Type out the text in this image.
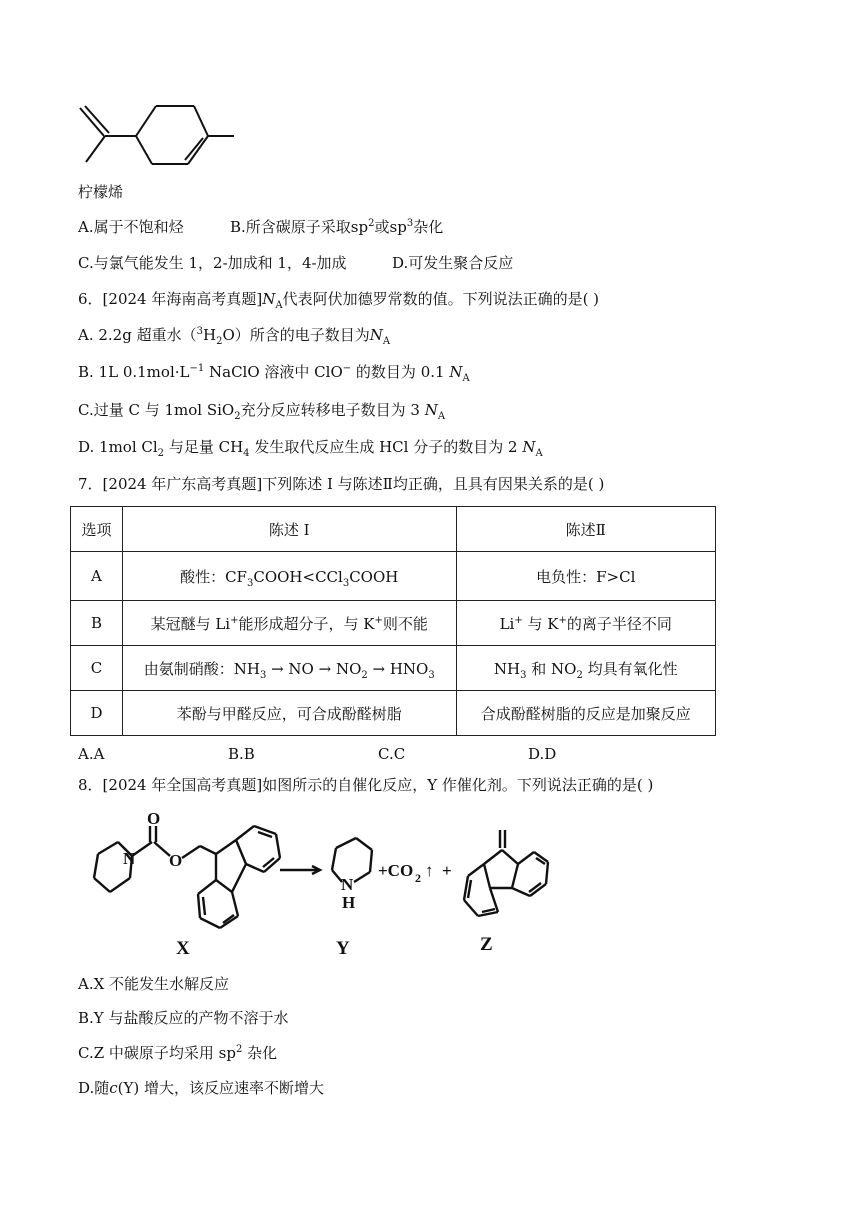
柠檬烯
A.属于不饱和烃	B.所含碳原子采取$sp^2$或$sp^3$杂化
C.与氯气能发生 1，2-加成和 1，4-加成	D.可发生聚合反应
6．[2024 年海南高考真题]$N_A$代表阿伏加德罗常数的值。下列说法正确的是( )
A. 2.2g 超重水$(^3H_2O)$所含的电子数目为$N_A$
B. 1L $0.1mol\cdot L^{-1}$ NaClO 溶液中 ClO− 的数目为 0.1 $N_A$
C.过量 C 与 1mol SiO$_2$充分反应转移电子数目为 3 $N_A$
D. 1mol $Cl_2$ 与足量 $CH_4$ 发生取代反应生成 HCl 分子的数目为 2 $N_A$
7．[2024 年广东高考真题]下列陈述 I 与陈述Ⅱ均正确，且具有因果关系的是( )
选项	陈述 I	陈述Ⅱ
A	酸性：$CF_3COOH<CCl_3COOH$	电负性：F>Cl
B	某冠醚与 Li+能形成超分子，与 K+则不能	Li+ 与 K+的离子半径不同
C	由氨制硝酸：$NH_3$ → NO → $NO_2 \to HNO_3$	$NH_3$ 和 $NO_2$ 均具有氧化性
D	苯酚与甲醛反应，可合成酚醛树脂	合成酚醛树脂的反应是加聚反应
A.A	B.B	C.C	D.D
8．[2024 年全国高考真题]如图所示的自催化反应，Y 作催化剂。下列说法正确的是( )
O
O
N
N
H
+CO 2 ↑ +
X	Y	Z
A.X 不能发生水解反应
B.Y 与盐酸反应的产物不溶于水
C.Z 中碳原子均采用 $sp^2$ 杂化
D.随c(Y) 增大，该反应速率不断增大
